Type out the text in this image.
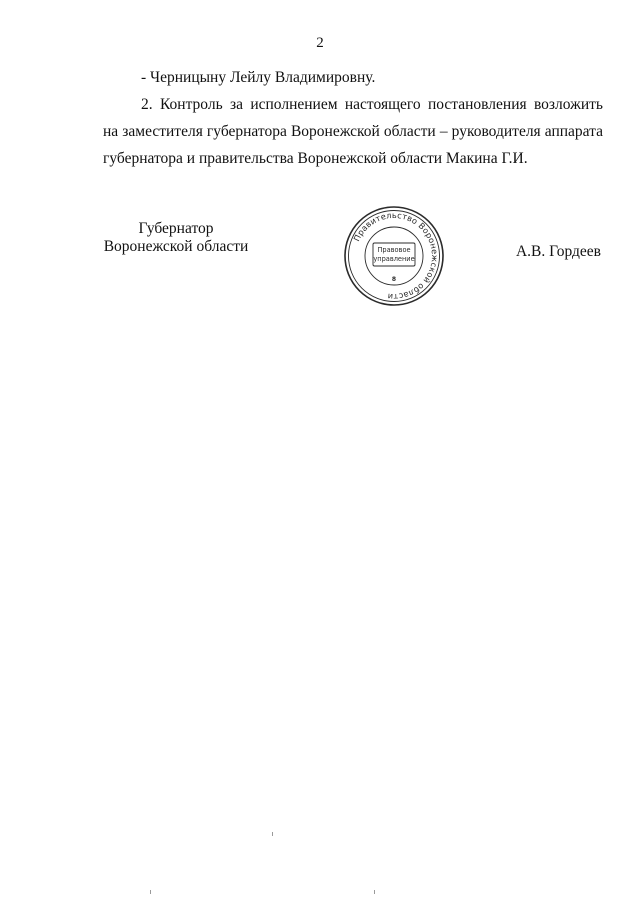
2
- Черницыну Лейлу Владимировну.
2. Контроль за исполнением настоящего постановления возложить
на заместителя губернатора Воронежской области – руководителя аппарата
губернатора и правительства Воронежской области Макина Г.И.
Губернатор
Воронежской области
Правительство Воронежской области
Правовое
управление
8
А.В. Гордеев
